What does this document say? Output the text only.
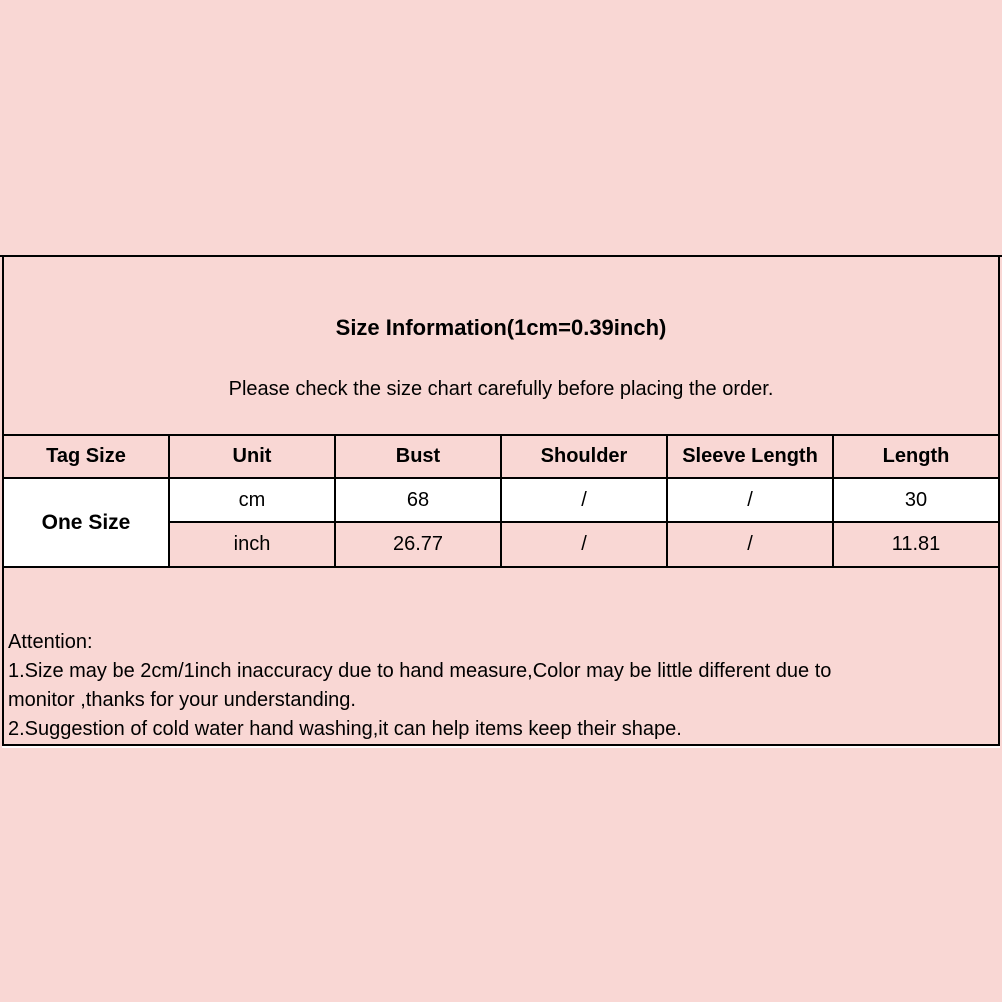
Size Information(1cm=0.39inch)
Please check the size chart carefully before placing the order.
Tag Size	Unit	Bust	Shoulder	Sleeve Length	Length
One Size	cm	68	/	/	30
	inch	26.77	/	/	11.81
Attention:
1.Size may be 2cm/1inch inaccuracy due to hand measure,Color may be little different due to
monitor ,thanks for your understanding.
2.Suggestion of cold water hand washing,it can help items keep their shape.
